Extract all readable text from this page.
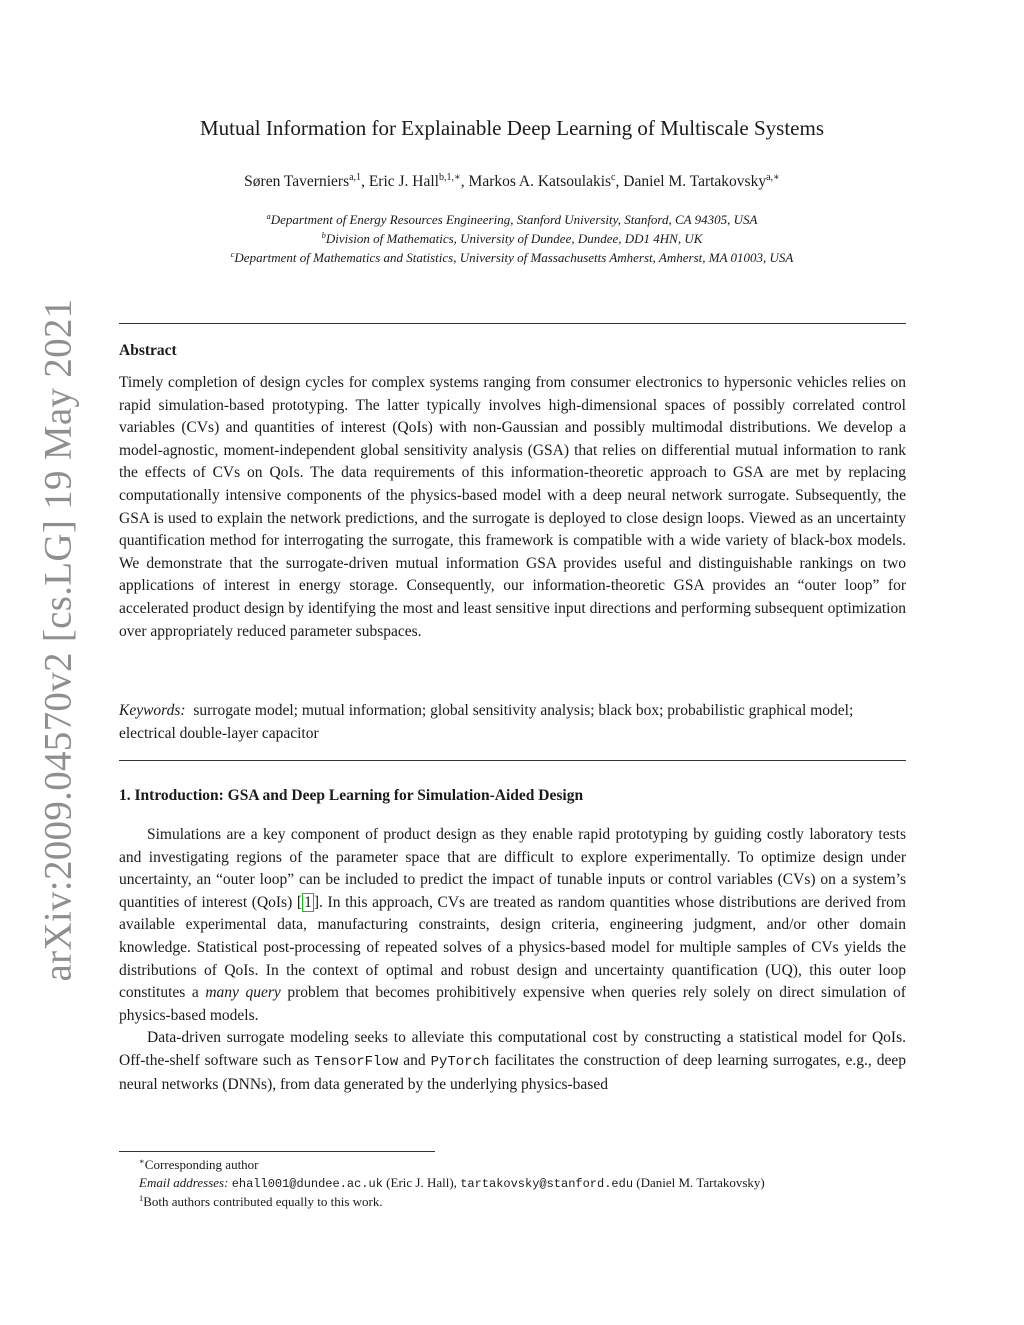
arXiv:2009.04570v2 [cs.LG] 19 May 2021
Mutual Information for Explainable Deep Learning of Multiscale Systems
Søren Taverniers$^{a,1}$, Eric J. Hall$^{b,1,∗}$, Markos A. Katsoulakis$^c$, Daniel M. Tartakovsky$^{a,∗}$
$^a$Department of Energy Resources Engineering, Stanford University, Stanford, CA 94305, USA
$^b$Division of Mathematics, University of Dundee, Dundee, DD1 4HN, UK
$^c$Department of Mathematics and Statistics, University of Massachusetts Amherst, Amherst, MA 01003, USA
Abstract

Timely completion of design cycles for complex systems ranging from consumer electronics to hypersonic vehicles relies on rapid simulation-based prototyping. The latter typically involves high-dimensional spaces of possibly correlated control variables (CVs) and quantities of interest (QoIs) with non-Gaussian and possibly multimodal distributions. We develop a model-agnostic, moment-independent global sensitivity analysis (GSA) that relies on differential mutual information to rank the effects of CVs on QoIs. The data requirements of this information-theoretic approach to GSA are met by replacing computationally intensive components of the physics-based model with a deep neural network surrogate. Subsequently, the GSA is used to explain the network predictions, and the surrogate is deployed to close design loops. Viewed as an uncertainty quantification method for interrogating the surrogate, this framework is compatible with a wide variety of black-box models. We demonstrate that the surrogate-driven mutual information GSA provides useful and distinguishable rankings on two applications of interest in energy storage. Consequently, our information-theoretic GSA provides an “outer loop” for accelerated product design by identifying the most and least sensitive input directions and performing subsequent optimization over appropriately reduced parameter subspaces.

Keywords: surrogate model; mutual information; global sensitivity analysis; black box; probabilistic graphical model; electrical double-layer capacitor

1. Introduction: GSA and Deep Learning for Simulation-Aided Design

Simulations are a key component of product design as they enable rapid prototyping by guiding costly laboratory tests and investigating regions of the parameter space that are difficult to explore experimentally. To optimize design under uncertainty, an “outer loop” can be included to predict the impact of tunable inputs or control variables (CVs) on a system’s quantities of interest (QoIs) [ 1 ]. In this approach, CVs are treated as random quantities whose distributions are derived from available experimental data, manufacturing constraints, design criteria, engineering judgment, and/or other domain knowledge. Statistical post-processing of repeated solves of a physics-based model for multiple samples of CVs yields the distributions of QoIs. In the context of optimal and robust design and uncertainty quantification (UQ), this outer loop constitutes a many query problem that becomes prohibitively expensive when queries rely solely on direct simulation of physics-based models.

Data-driven surrogate modeling seeks to alleviate this computational cost by constructing a statistical model for QoIs. Off-the-shelf software such as TensorFlow and PyTorch facilitates the construction of deep learning surrogates, e.g., deep neural networks (DNNs), from data generated by the underlying physics-based

∗Corresponding author
Email addresses: ehall001@dundee.ac.uk (Eric J. Hall), tartakovsky@stanford.edu (Daniel M. Tartakovsky)
$^1$Both authors contributed equally to this work.
